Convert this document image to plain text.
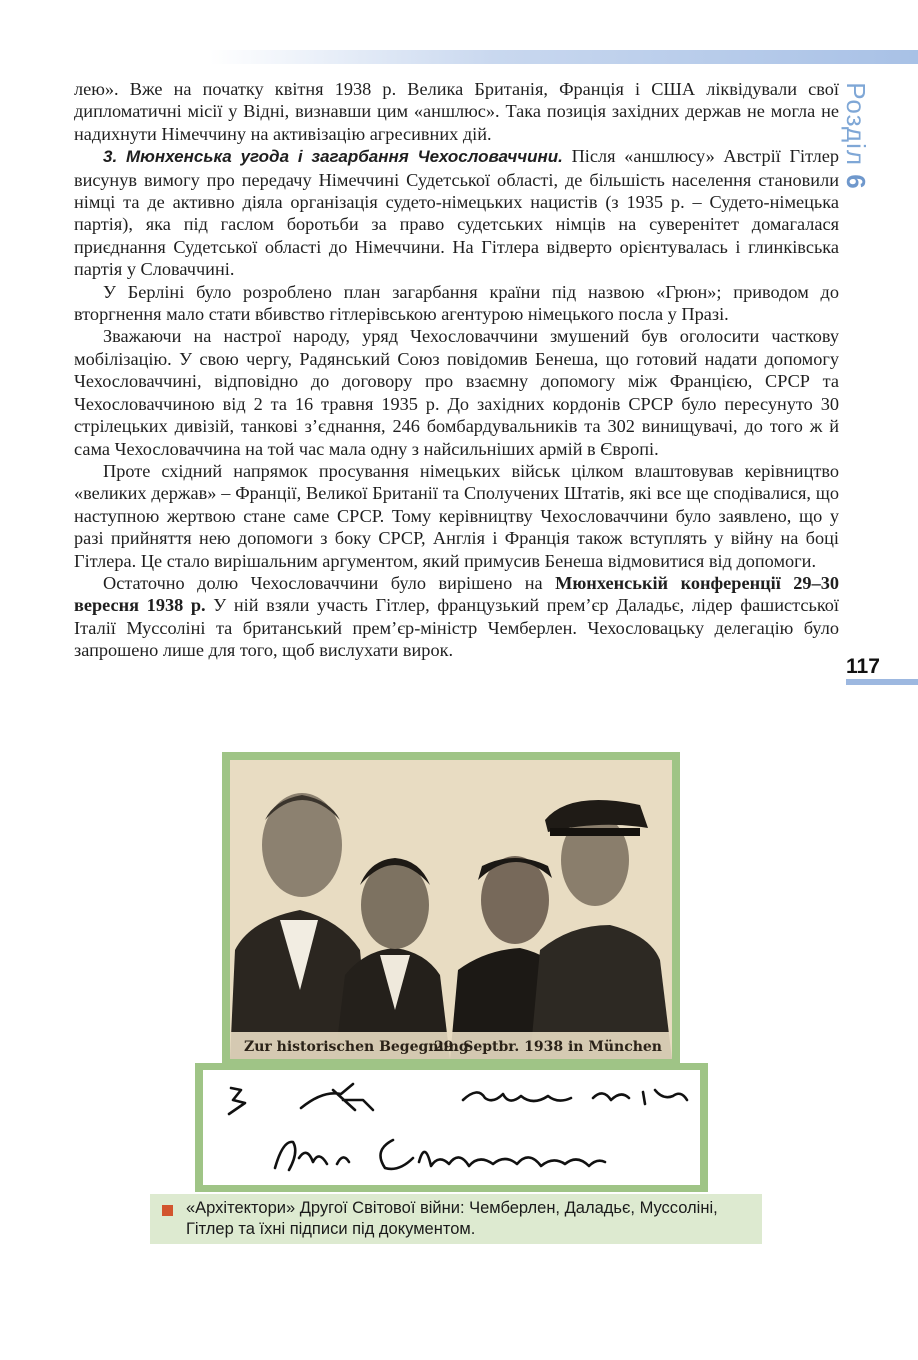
Розділ 6
117

лею». Вже на початку квітня 1938 р. Велика Британія, Франція і США ліквідували свої дипломатичні місії у Відні, визнавши цим «аншлюс». Така позиція західних держав не могла не надихнути Німеччину на активізацію агресивних дій.

3. Мюнхенська угода і загарбання Чехословаччини. Після «аншлюсу» Австрії Гітлер висунув вимогу про передачу Німеччині Судетської області, де більшість населення становили німці та де активно діяла організація судето-німецьких нацистів (з 1935 р. – Судето-німецька партія), яка під гаслом боротьби за право судетських німців на суверенітет домагалася приєднання Судетської області до Німеччини. На Гітлера відверто орієнтувалась і глинківська партія у Словаччині.

У Берліні було розроблено план загарбання країни під назвою «Грюн»; приводом до вторгнення мало стати вбивство гітлерівською агентурою німецького посла у Празі.

Зважаючи на настрої народу, уряд Чехословаччини змушений був оголосити часткову мобілізацію. У свою чергу, Радянський Союз повідомив Бенеша, що готовий надати допомогу Чехословаччині, відповідно до договору про взаємну допомогу між Францією, СРСР та Чехословаччиною від 2 та 16 травня 1935 р. До західних кордонів СРСР було пересунуто 30 стрілецьких дивізій, танкові з’єднання, 246 бомбардувальників та 302 винищувачі, до того ж й сама Чехословаччина на той час мала одну з найсильніших армій в Європі.

Проте східний напрямок просування німецьких військ цілком влаштовував керівництво «великих держав» – Франції, Великої Британії та Сполучених Штатів, які все ще сподівалися, що наступною жертвою стане саме СРСР. Тому керівництву Чехословаччини було заявлено, що у разі прийняття нею допомоги з боку СРСР, Англія і Франція також вступлять у війну на боці Гітлера. Це стало вирішальним аргументом, який примусив Бенеша відмовитися від допомоги.

Остаточно долю Чехословаччини було вирішено на Мюнхенській конференції 29–30 вересня 1938 р. У ній взяли участь Гітлер, французький прем’єр Даладьє, лідер фашистської Італії Муссоліні та британський прем’єр-міністр Чемберлен. Чехословацьку делегацію було запрошено лише для того, щоб вислухати вирок.

Zur historischen Begegnung
29. Septbr. 1938 in München
September 30. 1938
«Архітектори» Другої Світової війни: Чемберлен, Даладьє, Муссоліні, Гітлер та їхні підписи під документом.
